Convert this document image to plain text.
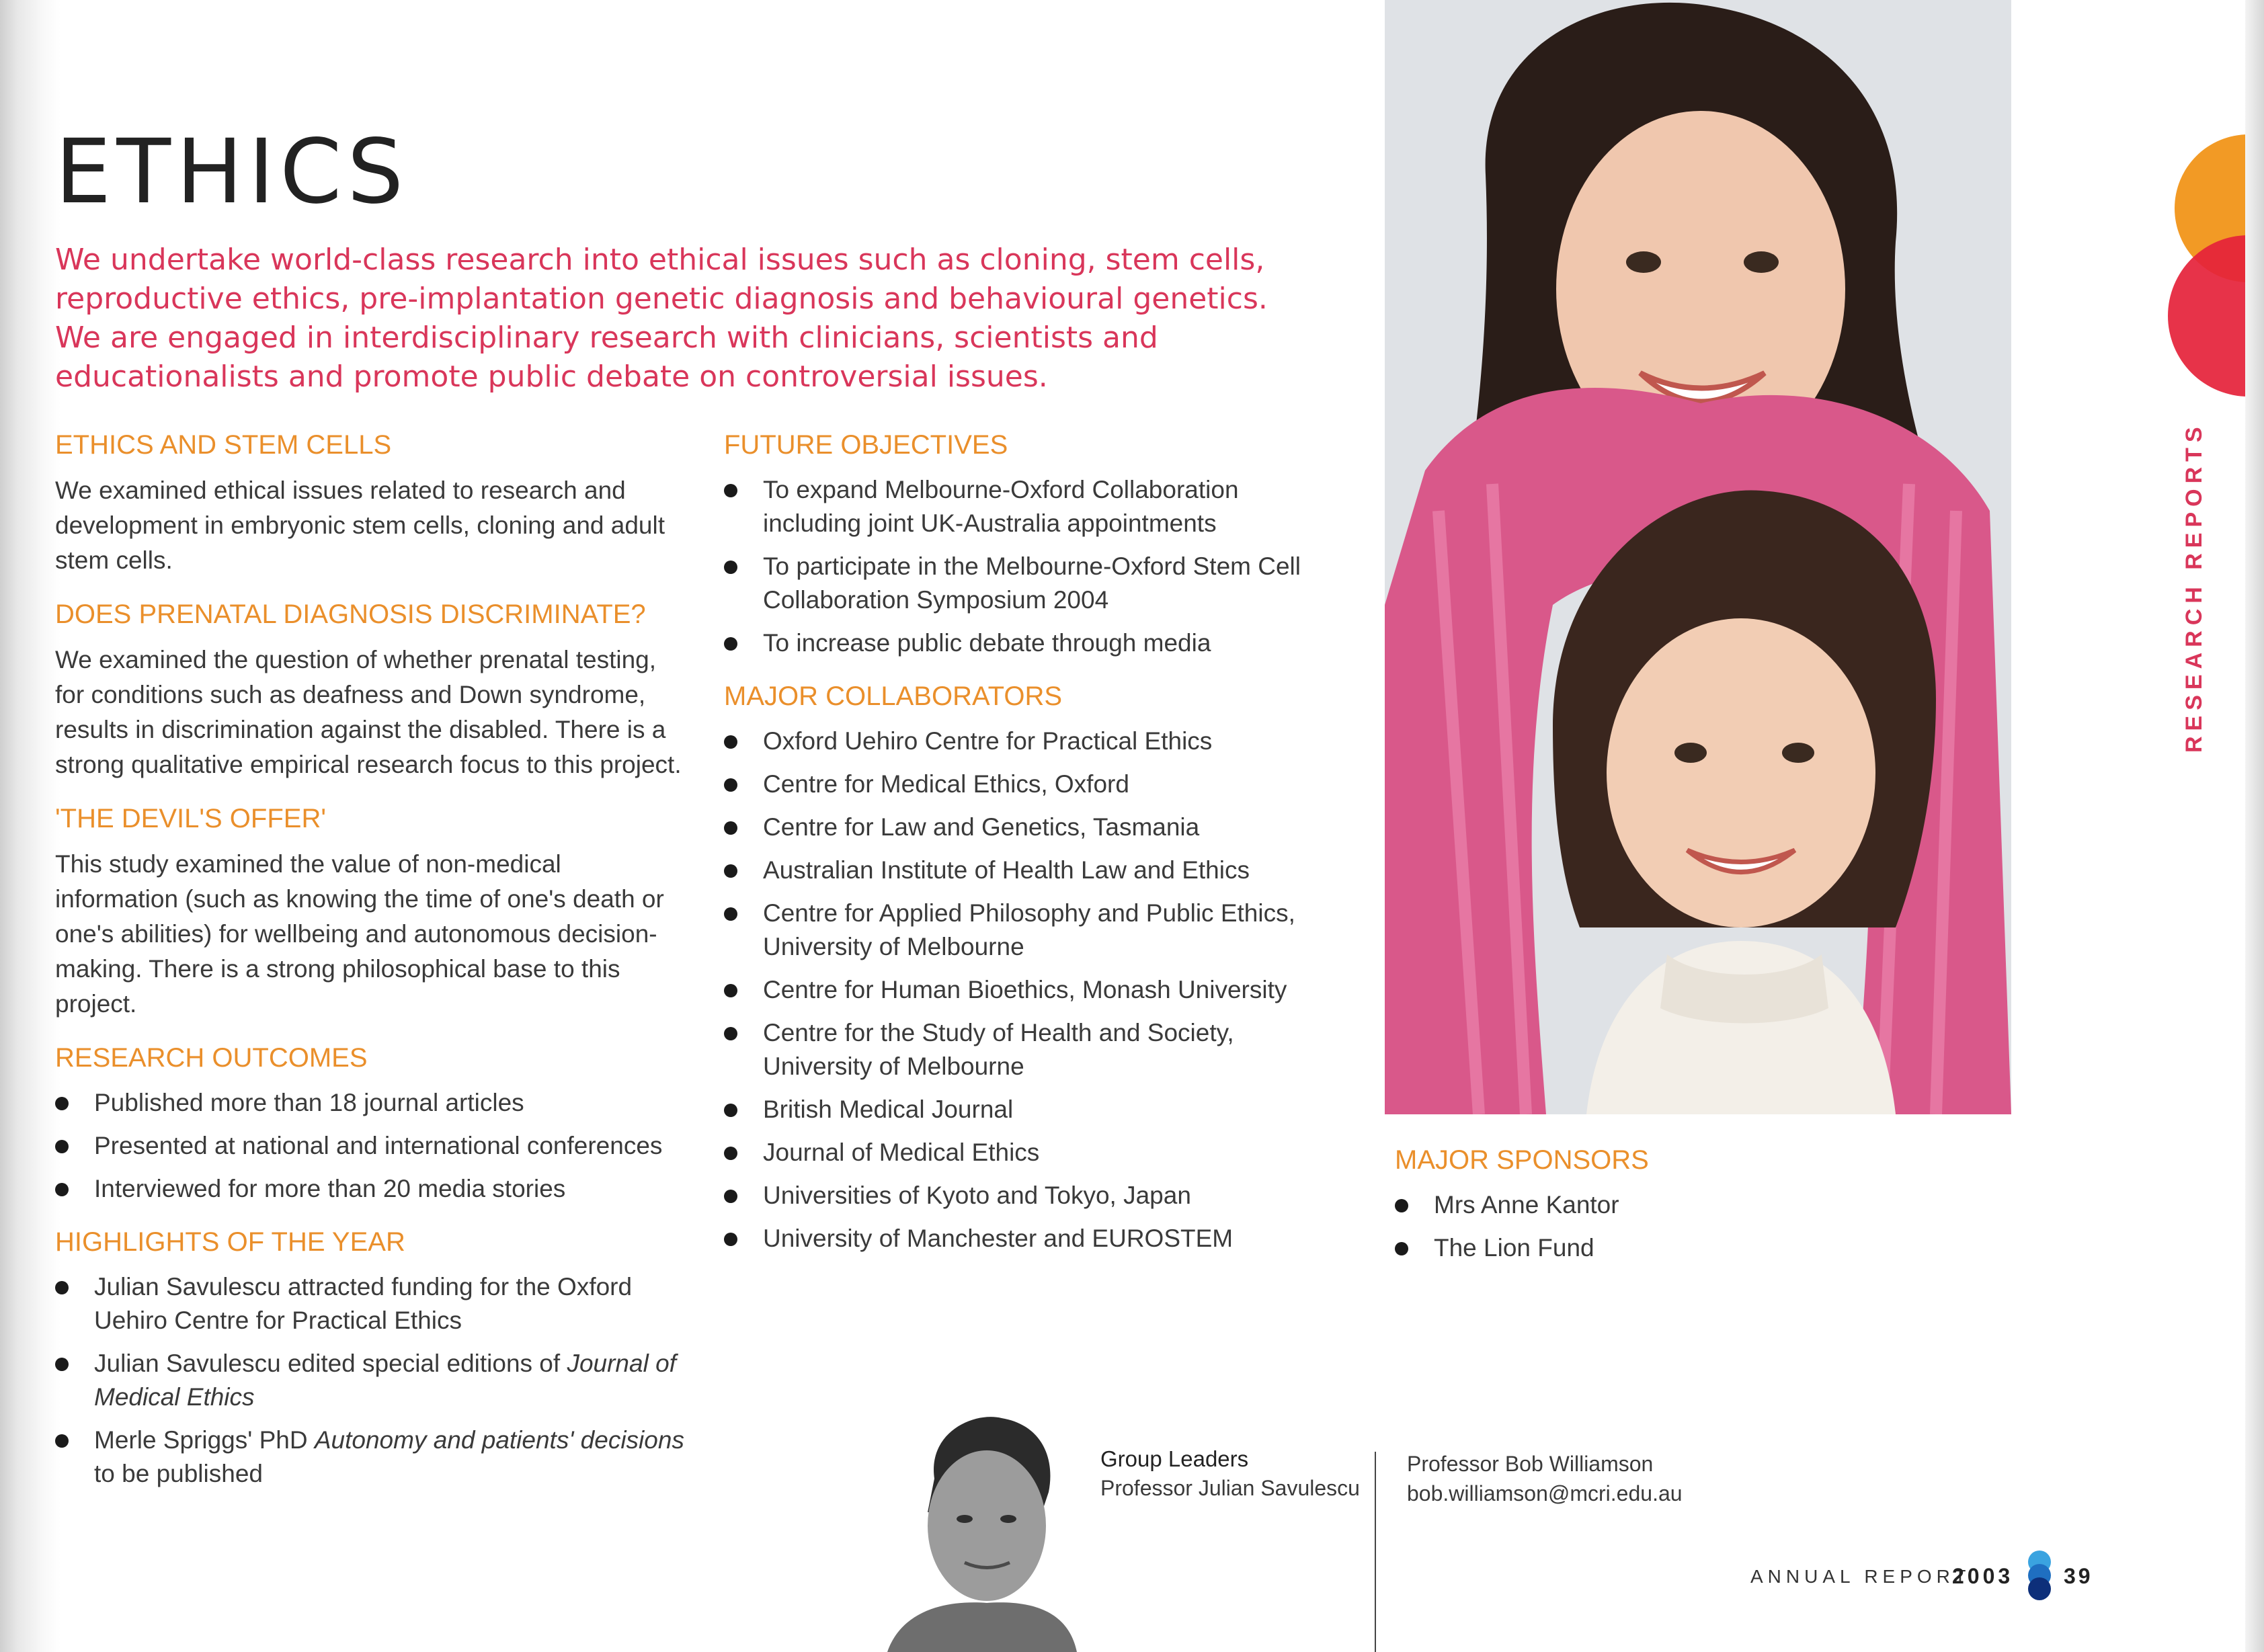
ETHICS

We undertake world-class research into ethical issues such as cloning, stem cells, reproductive ethics, pre-implantation genetic diagnosis and behavioural genetics. We are engaged in interdisciplinary research with clinicians, scientists and educationalists and promote public debate on controversial issues.

ETHICS AND STEM CELLS

We examined ethical issues related to research and development in embryonic stem cells, cloning and adult stem cells.

DOES PRENATAL DIAGNOSIS DISCRIMINATE?

We examined the question of whether prenatal testing, for conditions such as deafness and Down syndrome, results in discrimination against the disabled. There is a strong qualitative empirical research focus to this project.

'THE DEVIL'S OFFER'

This study examined the value of non-medical information (such as knowing the time of one's death or one's abilities) for wellbeing and autonomous decision-making. There is a strong philosophical base to this project.

RESEARCH OUTCOMES
Published more than 18 journal articles
Presented at national and international conferences
Interviewed for more than 20 media stories
HIGHLIGHTS OF THE YEAR
Julian Savulescu attracted funding for the Oxford Uehiro Centre for Practical Ethics
Julian Savulescu edited special editions of Journal of Medical Ethics
Merle Spriggs' PhD Autonomy and patients' decisions to be published
FUTURE OBJECTIVES
To expand Melbourne-Oxford Collaboration including joint UK-Australia appointments
To participate in the Melbourne-Oxford Stem Cell Collaboration Symposium 2004
To increase public debate through media
MAJOR COLLABORATORS
Oxford Uehiro Centre for Practical Ethics
Centre for Medical Ethics, Oxford
Centre for Law and Genetics, Tasmania
Australian Institute of Health Law and Ethics
Centre for Applied Philosophy and Public Ethics, University of Melbourne
Centre for Human Bioethics, Monash University
Centre for the Study of Health and Society, University of Melbourne
British Medical Journal
Journal of Medical Ethics
Universities of Kyoto and Tokyo, Japan
University of Manchester and EUROSTEM
MAJOR SPONSORS
Mrs Anne Kantor
The Lion Fund
RESEARCH REPORTS

Group Leaders

Professor Julian Savulescu

Professor Bob Williamson

bob.williamson@mcri.edu.au

ANNUAL REPORT
2003 39
